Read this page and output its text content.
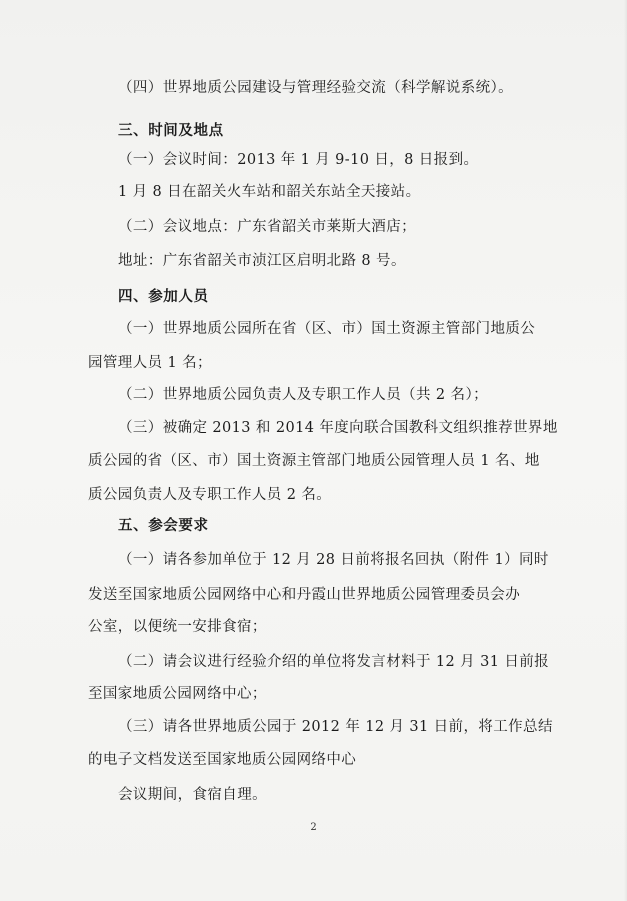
（四）世界地质公园建设与管理经验交流（科学解说系统）。
三、时间及地点
（一）会议时间：2013 年 1 月 9-10 日，8 日报到。
1 月 8 日在韶关火车站和韶关东站全天接站。
（二）会议地点：广东省韶关市莱斯大酒店；
地址：广东省韶关市浈江区启明北路 8 号。
四、参加人员
（一）世界地质公园所在省（区、市）国土资源主管部门地质公
园管理人员 1 名；
（二）世界地质公园负责人及专职工作人员（共 2 名）；
（三）被确定 2013 和 2014 年度向联合国教科文组织推荐世界地
质公园的省（区、市）国土资源主管部门地质公园管理人员 1 名、地
质公园负责人及专职工作人员 2 名。
五、参会要求
（一）请各参加单位于 12 月 28 日前将报名回执（附件 1）同时
发送至国家地质公园网络中心和丹霞山世界地质公园管理委员会办
公室，以便统一安排食宿；
（二）请会议进行经验介绍的单位将发言材料于 12 月 31 日前报
至国家地质公园网络中心；
（三）请各世界地质公园于 2012 年 12 月 31 日前，将工作总结
的电子文档发送至国家地质公园网络中心
会议期间，食宿自理。
2
